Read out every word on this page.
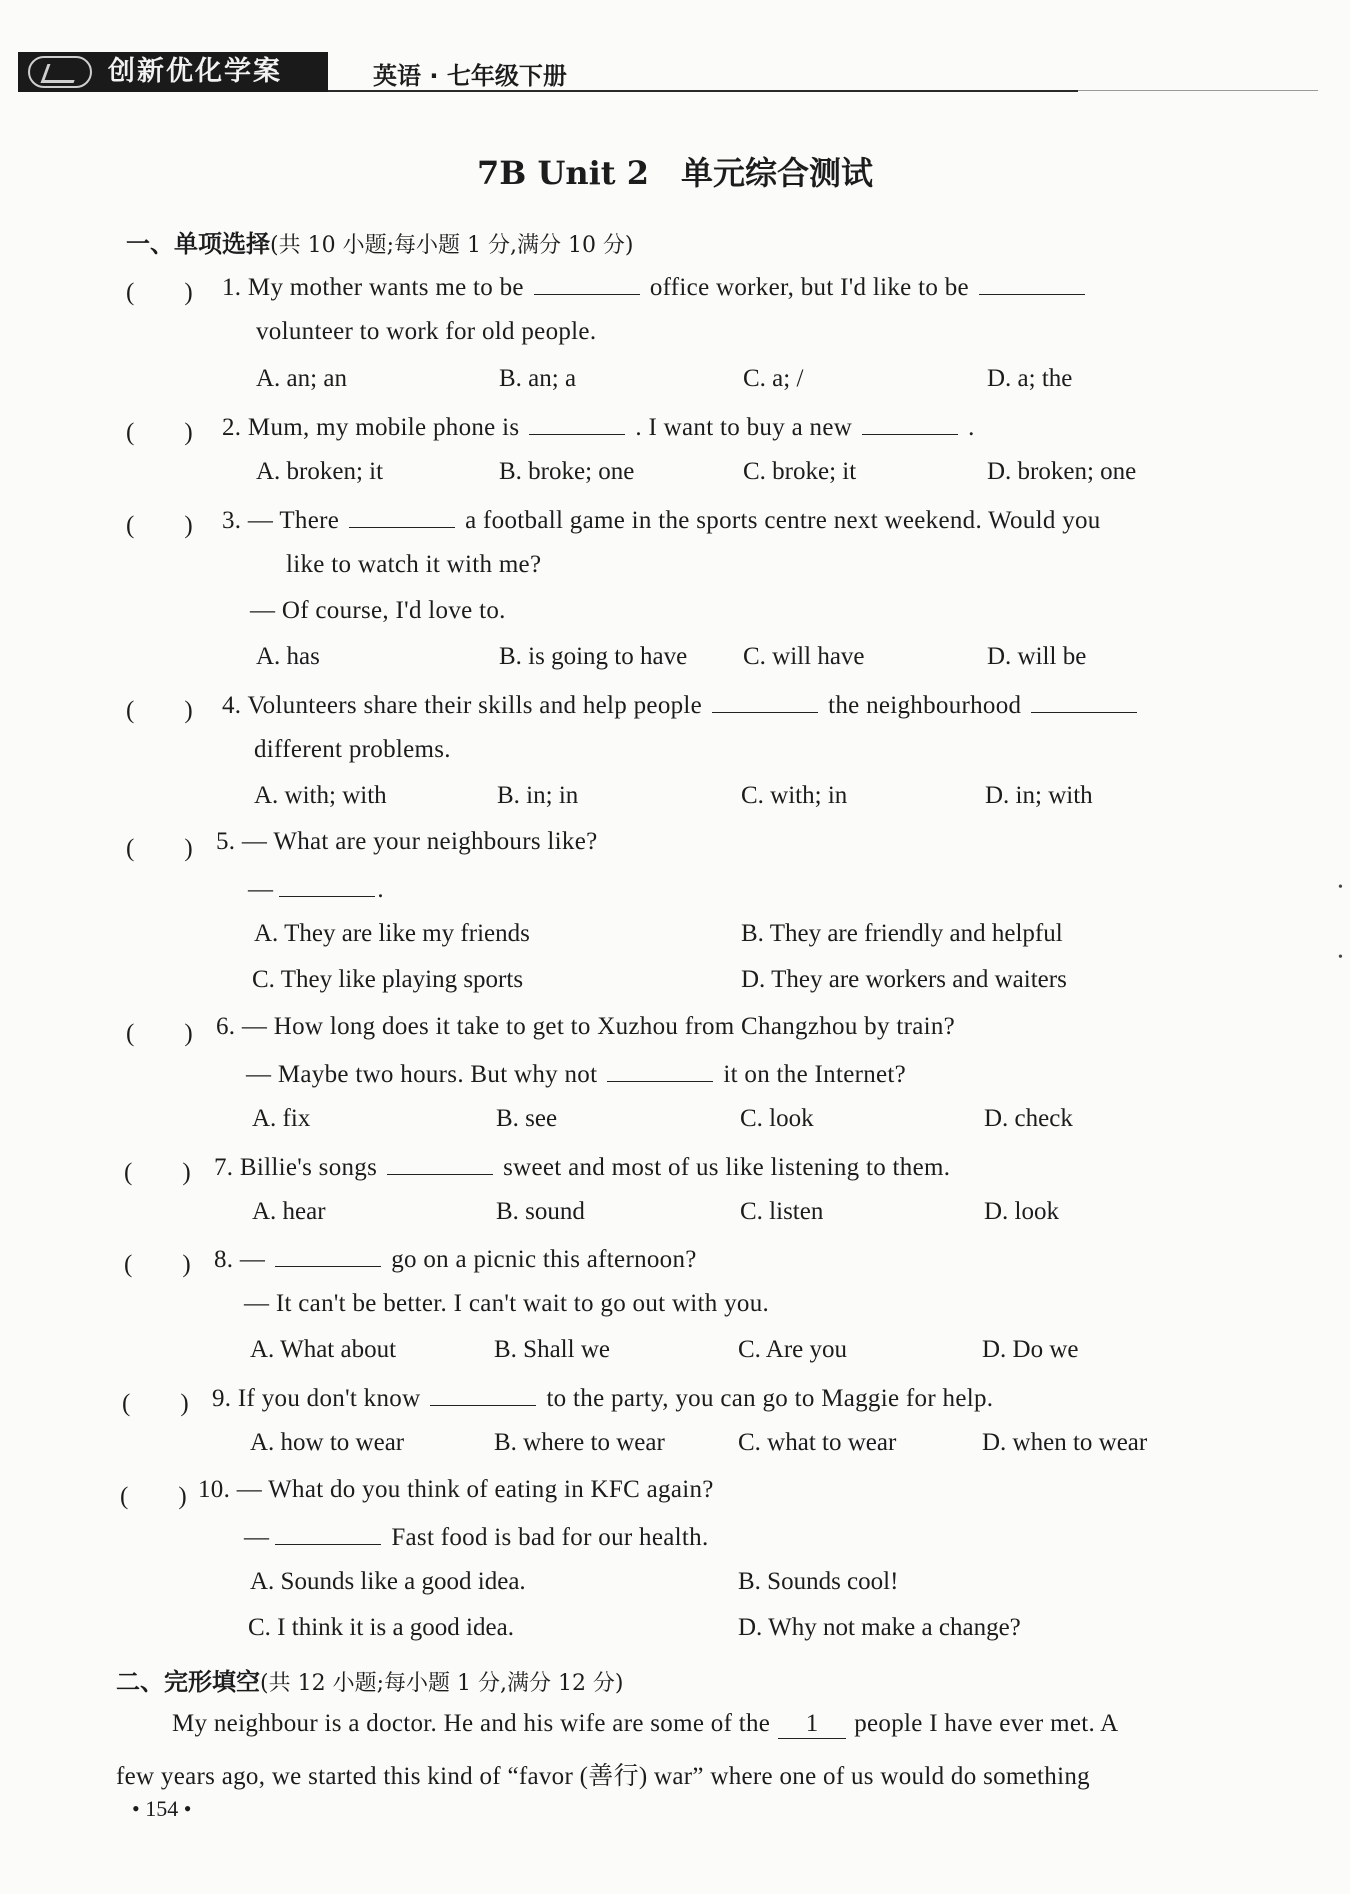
创新优化学案	英语 · 七年级下册
7B Unit 2　单元综合测试
一、单项选择(共 10 小题;每小题 1 分,满分 10 分)
(　　) 1. My mother wants me to be	office worker, but I'd like to be
volunteer to work for old people.
A. an; an	B. an; a	C. a; /	D. a; the
(　　) 2. Mum, my mobile phone is	. I want to buy a new	.
A. broken; it	B. broke; one	C. broke; it	D. broken; one
(　　) 3. — There	a football game in the sports centre next weekend. Would you
like to watch it with me?
— Of course, I'd love to.
A. has	B. is going to have C. will have	D. will be
(　　) 4. Volunteers share their skills and help people	the neighbourhood
different problems.
A. with; with	B. in; in	C. with; in	D. in; with
(　　) 5. — What are your neighbours like?
—	.
A. They are like my friends	B. They are friendly and helpful
C. They like playing sports	D. They are workers and waiters
(　　) 6. — How long does it take to get to Xuzhou from Changzhou by train?
— Maybe two hours. But why not	it on the Internet?
A. fix	B. see	C. look	D. check
(　　) 7. Billie's songs	sweet and most of us like listening to them.
A. hear	B. sound	C. listen	D. look
(　　) 8. —	go on a picnic this afternoon?
— It can't be better. I can't wait to go out with you.
A. What about	B. Shall we	C. Are you	D. Do we
(　　) 9. If you don't know	to the party, you can go to Maggie for help.
A. how to wear	B. where to wear	C. what to wear	D. when to wear
(　　) 10. — What do you think of eating in KFC again?
—	Fast food is bad for our health.
A. Sounds like a good idea.	B. Sounds cool!
C. I think it is a good idea.	D. Why not make a change?
二、完形填空(共 12 小题;每小题 1 分,满分 12 分)
My neighbour is a doctor. He and his wife are some of the 1 people I have ever met. A
few years ago, we started this kind of “favor (善行) war” where one of us would do something
• 154 •
•
•
